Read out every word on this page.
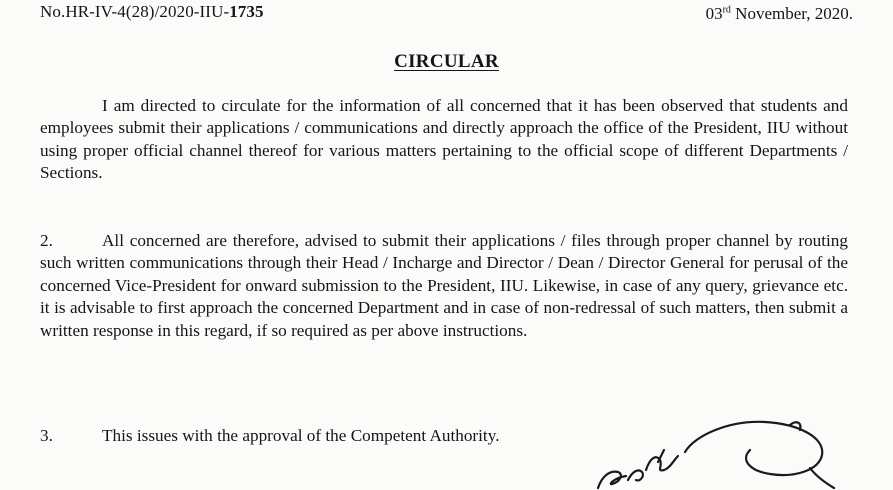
No.HR-IV-4(28)/2020-IIU-1735	03rd November, 2020.
CIRCULAR
I am directed to circulate for the information of all concerned that it has been observed that students and employees submit their applications / communications and directly approach the office of the President, IIU without using proper official channel thereof for various matters pertaining to the official scope of different Departments / Sections.
2.	All concerned are therefore, advised to submit their applications / files through proper channel by routing such written communications through their Head / Incharge and Director / Dean / Director General for perusal of the concerned Vice-President for onward submission to the President, IIU. Likewise, in case of any query, grievance etc. it is advisable to first approach the concerned Department and in case of non-redressal of such matters, then submit a written response in this regard, if so required as per above instructions.
3.	This issues with the approval of the Competent Authority.
